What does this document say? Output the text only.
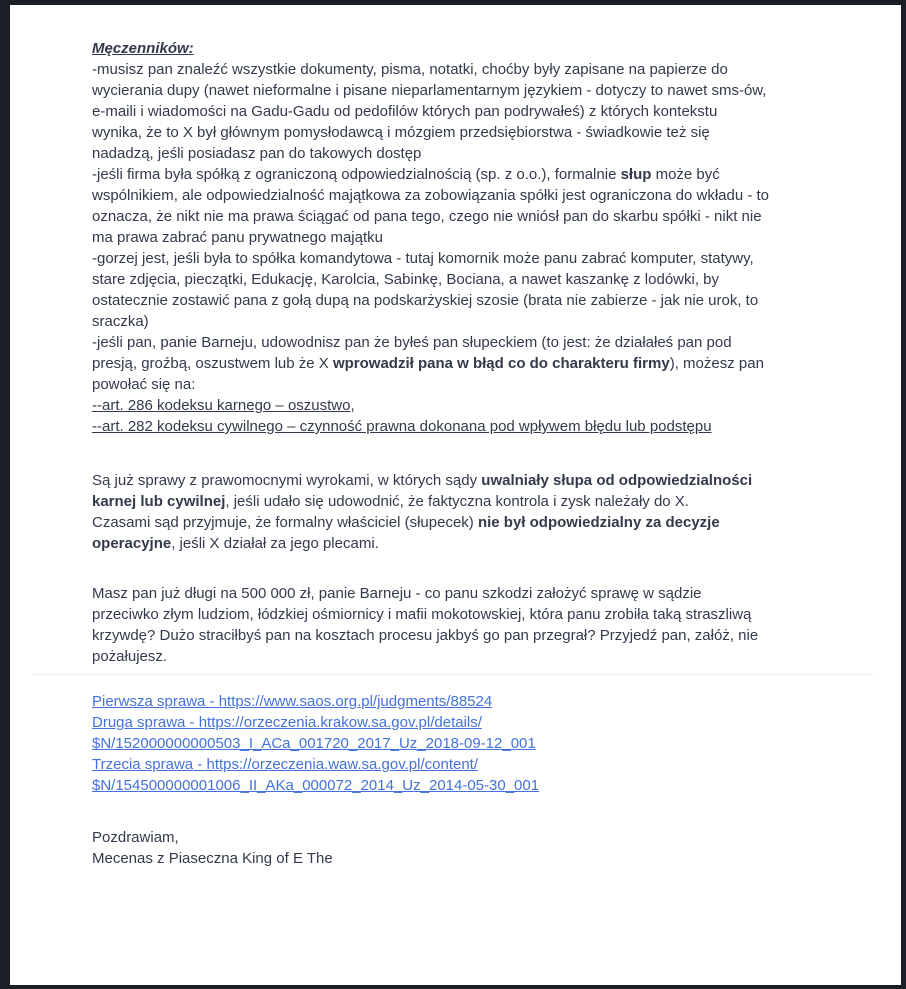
Męczenników:
-musisz pan znaleźć wszystkie dokumenty, pisma, notatki, choćby były zapisane na papierze do
wycierania dupy (nawet nieformalne i pisane nieparlamentarnym językiem - dotyczy to nawet sms-ów,
e-maili i wiadomości na Gadu-Gadu od pedofilów których pan podrywałeś) z których kontekstu
wynika, że to X był głównym pomysłodawcą i mózgiem przedsiębiorstwa - świadkowie też się
nadadzą, jeśli posiadasz pan do takowych dostęp
-jeśli firma była spółką z ograniczoną odpowiedzialnością (sp. z o.o.), formalnie słup może być
wspólnikiem, ale odpowiedzialność majątkowa za zobowiązania spółki jest ograniczona do wkładu - to
oznacza, że nikt nie ma prawa ściągać od pana tego, czego nie wniósł pan do skarbu spółki - nikt nie
ma prawa zabrać panu prywatnego majątku
-gorzej jest, jeśli była to spółka komandytowa - tutaj komornik może panu zabrać komputer, statywy,
stare zdjęcia, pieczątki, Edukację, Karolcia, Sabinkę, Bociana, a nawet kaszankę z lodówki, by
ostatecznie zostawić pana z gołą dupą na podskarżyskiej szosie (brata nie zabierze - jak nie urok, to
sraczka)
-jeśli pan, panie Barneju, udowodnisz pan że byłeś pan słupeckiem (to jest: że działałeś pan pod
presją, groźbą, oszustwem lub że X wprowadził pana w błąd co do charakteru firmy), możesz pan
powołać się na:
--art. 286 kodeksu karnego – oszustwo,
--art. 282 kodeksu cywilnego – czynność prawna dokonana pod wpływem błędu lub podstępu
Są już sprawy z prawomocnymi wyrokami, w których sądy uwalniały słupa od odpowiedzialności
karnej lub cywilnej, jeśli udało się udowodnić, że faktyczna kontrola i zysk należały do X.
Czasami sąd przyjmuje, że formalny właściciel (słupecek) nie był odpowiedzialny za decyzje
operacyjne, jeśli X działał za jego plecami.
Masz pan już długi na 500 000 zł, panie Barneju - co panu szkodzi założyć sprawę w sądzie
przeciwko złym ludziom, łódzkiej ośmiornicy i mafii mokotowskiej, która panu zrobiła taką straszliwą
krzywdę? Dużo straciłbyś pan na kosztach procesu jakbyś go pan przegrał? Przyjedź pan, załóż, nie
pożałujesz.
Pierwsza sprawa - https://www.saos.org.pl/judgments/88524
Druga sprawa - https://orzeczenia.krakow.sa.gov.pl/details/
$N/152000000000503_I_ACa_001720_2017_Uz_2018-09-12_001
Trzecia sprawa - https://orzeczenia.waw.sa.gov.pl/content/
$N/154500000001006_II_AKa_000072_2014_Uz_2014-05-30_001
Pozdrawiam,
Mecenas z Piaseczna King of E The
